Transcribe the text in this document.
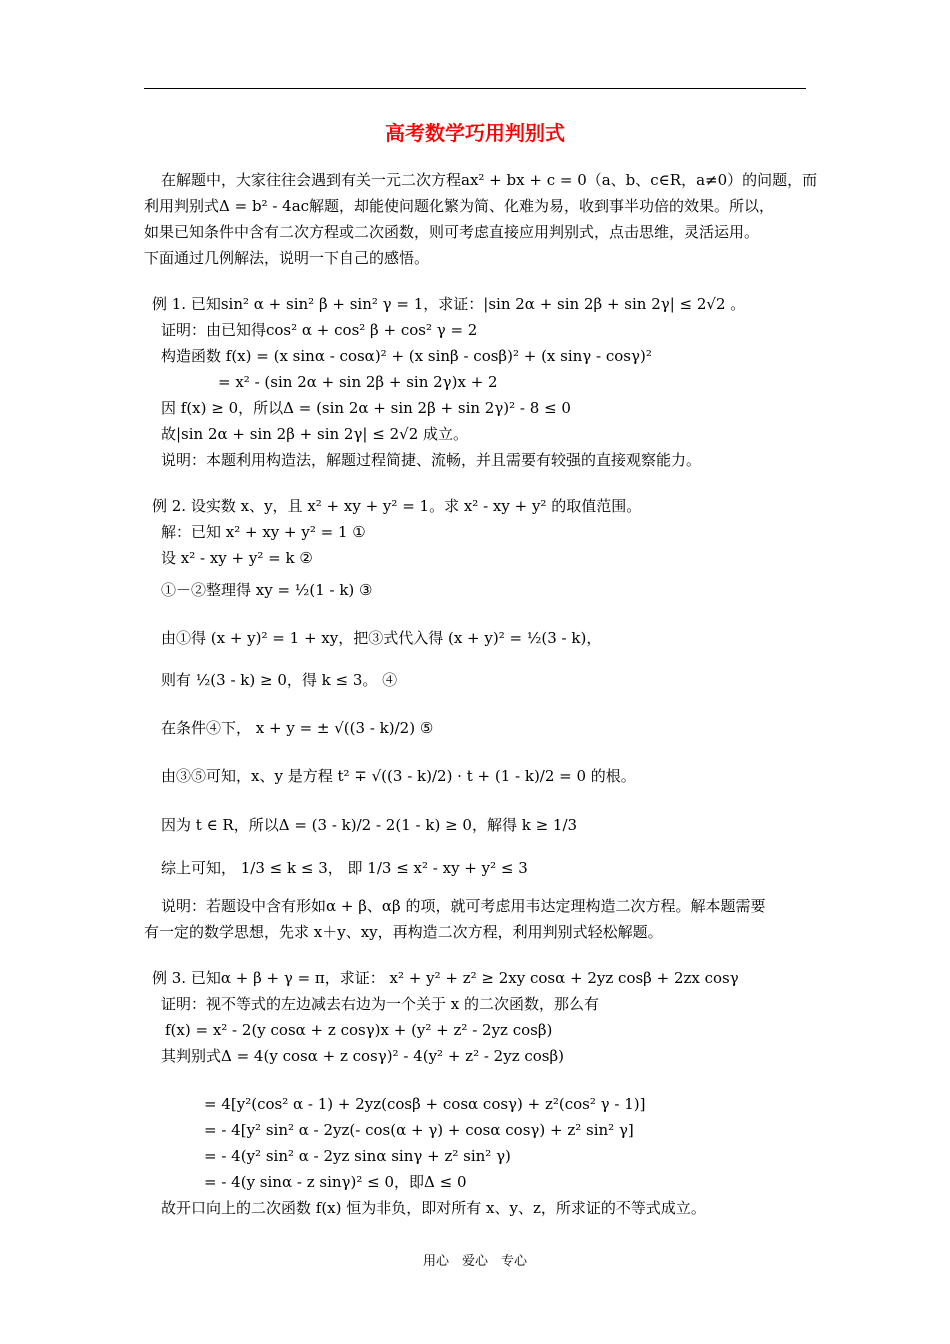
高考数学巧用判别式
在解题中，大家往往会遇到有关一元二次方程ax² + bx + c = 0（a、b、c∈R，a≠0）的问题，而
利用判别式Δ = b² - 4ac解题，却能使问题化繁为简、化难为易，收到事半功倍的效果。所以，
如果已知条件中含有二次方程或二次函数，则可考虑直接应用判别式，点击思维，灵活运用。
下面通过几例解法，说明一下自己的感悟。
例 1. 已知sin² α + sin² β + sin² γ = 1，求证：|sin 2α + sin 2β + sin 2γ| ≤ 2√2 。
证明：由已知得cos² α + cos² β + cos² γ = 2
构造函数 f(x) = (x sinα - cosα)² + (x sinβ - cosβ)² + (x sinγ - cosγ)²
= x² - (sin 2α + sin 2β + sin 2γ)x + 2
因 f(x) ≥ 0，所以Δ = (sin 2α + sin 2β + sin 2γ)² - 8 ≤ 0
故|sin 2α + sin 2β + sin 2γ| ≤ 2√2 成立。
说明：本题利用构造法，解题过程简捷、流畅，并且需要有较强的直接观察能力。
例 2. 设实数 x、y，且 x² + xy + y² = 1。求 x² - xy + y² 的取值范围。
解：已知 x² + xy + y² = 1 ①
设 x² - xy + y² = k ②
①－②整理得 xy = ½(1 - k) ③
由①得 (x + y)² = 1 + xy，把③式代入得 (x + y)² = ½(3 - k)，
则有 ½(3 - k) ≥ 0，得 k ≤ 3。 ④
在条件④下， x + y = ± √((3 - k)/2) ⑤
由③⑤可知，x、y 是方程 t² ∓ √((3 - k)/2) · t + (1 - k)/2 = 0 的根。
因为 t ∈ R，所以Δ = (3 - k)/2 - 2(1 - k) ≥ 0，解得 k ≥ 1/3
综上可知， 1/3 ≤ k ≤ 3， 即 1/3 ≤ x² - xy + y² ≤ 3
说明：若题设中含有形如α + β、αβ 的项，就可考虑用韦达定理构造二次方程。解本题需要
有一定的数学思想，先求 x＋y、xy，再构造二次方程，利用判别式轻松解题。
例 3. 已知α + β + γ = π，求证： x² + y² + z² ≥ 2xy cosα + 2yz cosβ + 2zx cosγ
证明：视不等式的左边减去右边为一个关于 x 的二次函数，那么有
f(x) = x² - 2(y cosα + z cosγ)x + (y² + z² - 2yz cosβ)
其判别式Δ = 4(y cosα + z cosγ)² - 4(y² + z² - 2yz cosβ)
= 4[y²(cos² α - 1) + 2yz(cosβ + cosα cosγ) + z²(cos² γ - 1)]
= - 4[y² sin² α - 2yz(- cos(α + γ) + cosα cosγ) + z² sin² γ]
= - 4(y² sin² α - 2yz sinα sinγ + z² sin² γ)
= - 4(y sinα - z sinγ)² ≤ 0，即Δ ≤ 0
故开口向上的二次函数 f(x) 恒为非负，即对所有 x、y、z，所求证的不等式成立。
用心　爱心　专心
